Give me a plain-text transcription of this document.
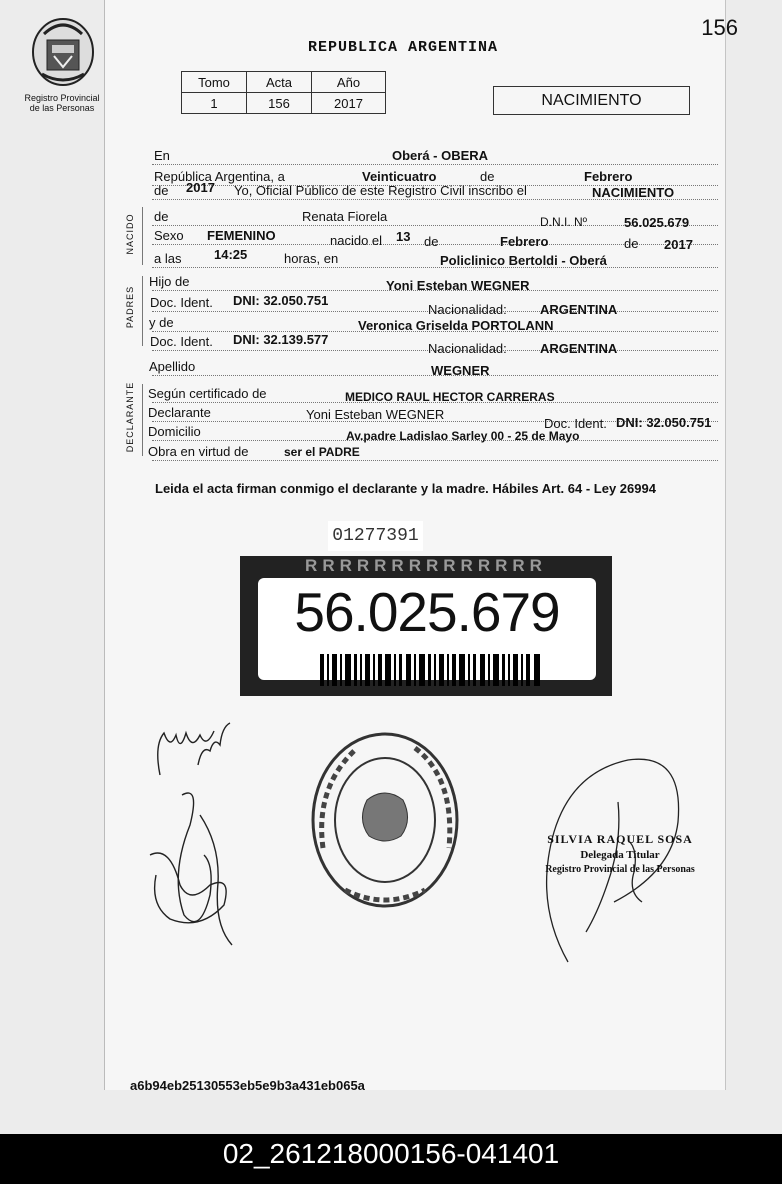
Registro Provincial
de las Personas
156
REPUBLICA ARGENTINA
Tomo	Acta	Año
1	156	2017	NACIMIENTO
En	Oberá - OBERA
República Argentina, a	Veinticuatro	de	Febrero
de 2017 Yo, Oficial Público de este Registro Civil inscribo el	NACIMIENTO
NACIDO de	Renata Fiorela	D.N.I. Nº	56.025.679
Sexo FEMENINO	nacido el 13 de	Febrero	de 2017
a las	14:25	horas, en	Policlinico Bertoldi - Oberá
PADRES
Hijo de	Yoni Esteban WEGNER
Doc. Ident. DNI: 32.050.751
Nacionalidad:	ARGENTINA
y de	Veronica Griselda PORTOLANN
Doc. Ident. DNI: 32.139.577
Nacionalidad:	ARGENTINA
Apellido	WEGNER
DECLARANTE Según certificado de	MEDICO RAUL HECTOR CARRERAS
Declarante	Yoni Esteban WEGNER
Doc. Ident. DNI: 32.050.751
Domicilio	Av.padre Ladislao Sarley 00 - 25 de Mayo
Obra en virtud de	ser el PADRE
Leida el acta firman conmigo el declarante y la madre. Hábiles Art. 64 - Ley 26994
01277391
RRRRRRRRRRRRRR
56.025.679
SILVIA RAQUEL SOSA
Delegada Titular
Registro Provincial de las Personas
a6b94eb25130553eb5e9b3a431eb065a
02_261218000156-041401
